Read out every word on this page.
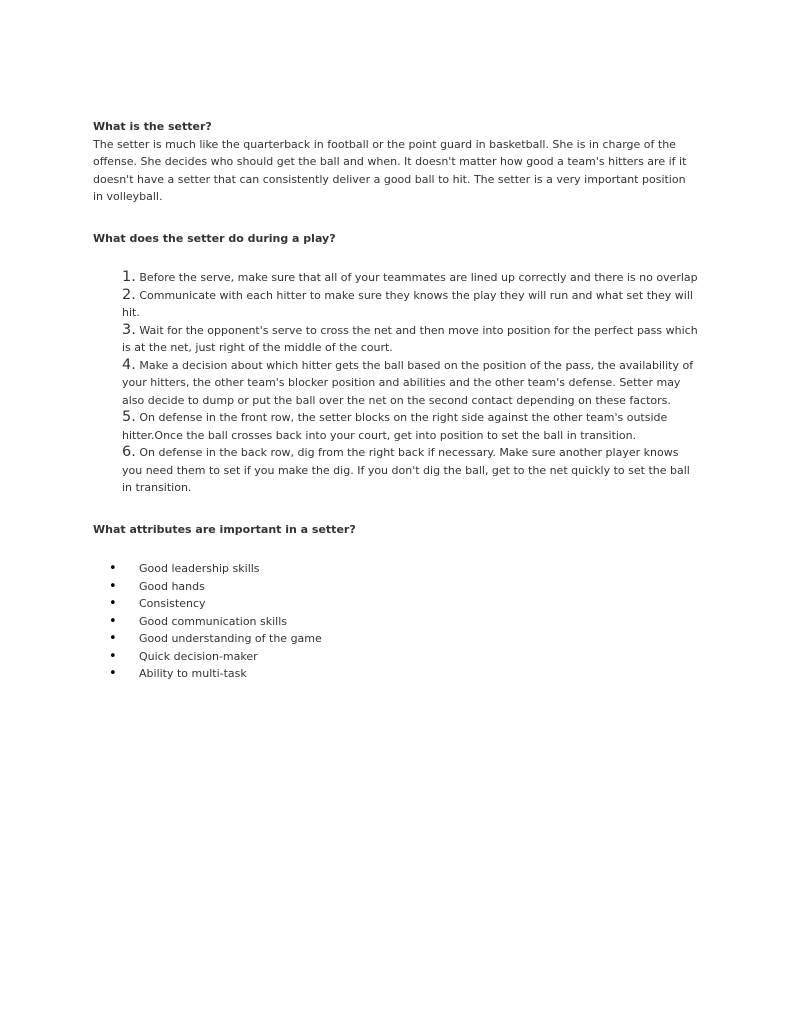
What is the setter?

The setter is much like the quarterback in football or the point guard in basketball. She is in charge of the offense. She decides who should get the ball and when. It doesn't matter how good a team's hitters are if it doesn't have a setter that can consistently deliver a good ball to hit. The setter is a very important position in volleyball.

What does the setter do during a play?

1. Before the serve, make sure that all of your teammates are lined up correctly and there is no overlap
2. Communicate with each hitter to make sure they knows the play they will run and what set they will hit.
3. Wait for the opponent's serve to cross the net and then move into position for the perfect pass which is at the net, just right of the middle of the court.
4. Make a decision about which hitter gets the ball based on the position of the pass, the availability of your hitters, the other team's blocker position and abilities and the other team's defense. Setter may also decide to dump or put the ball over the net on the second contact depending on these factors.
5. On defense in the front row, the setter blocks on the right side against the other team's outside hitter.Once the ball crosses back into your court, get into position to set the ball in transition.
6. On defense in the back row, dig from the right back if necessary. Make sure another player knows you need them to set if you make the dig. If you don't dig the ball, get to the net quickly to set the ball in transition.

What attributes are important in a setter?

• Good leadership skills
• Good hands
• Consistency
• Good communication skills
• Good understanding of the game
• Quick decision-maker
• Ability to multi-task
